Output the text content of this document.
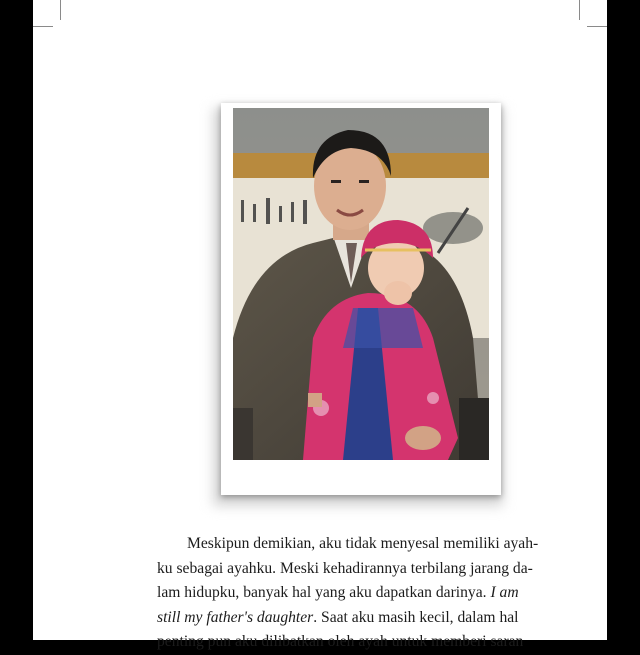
Meskipun demikian, aku tidak menyesal memiliki ayah-
ku sebagai ayahku. Meski kehadirannya terbilang jarang da-
lam hidupku, banyak hal yang aku dapatkan darinya. I am
still my father's daughter. Saat aku masih kecil, dalam hal
penting pun aku dilibatkan oleh ayah untuk memberi saran
